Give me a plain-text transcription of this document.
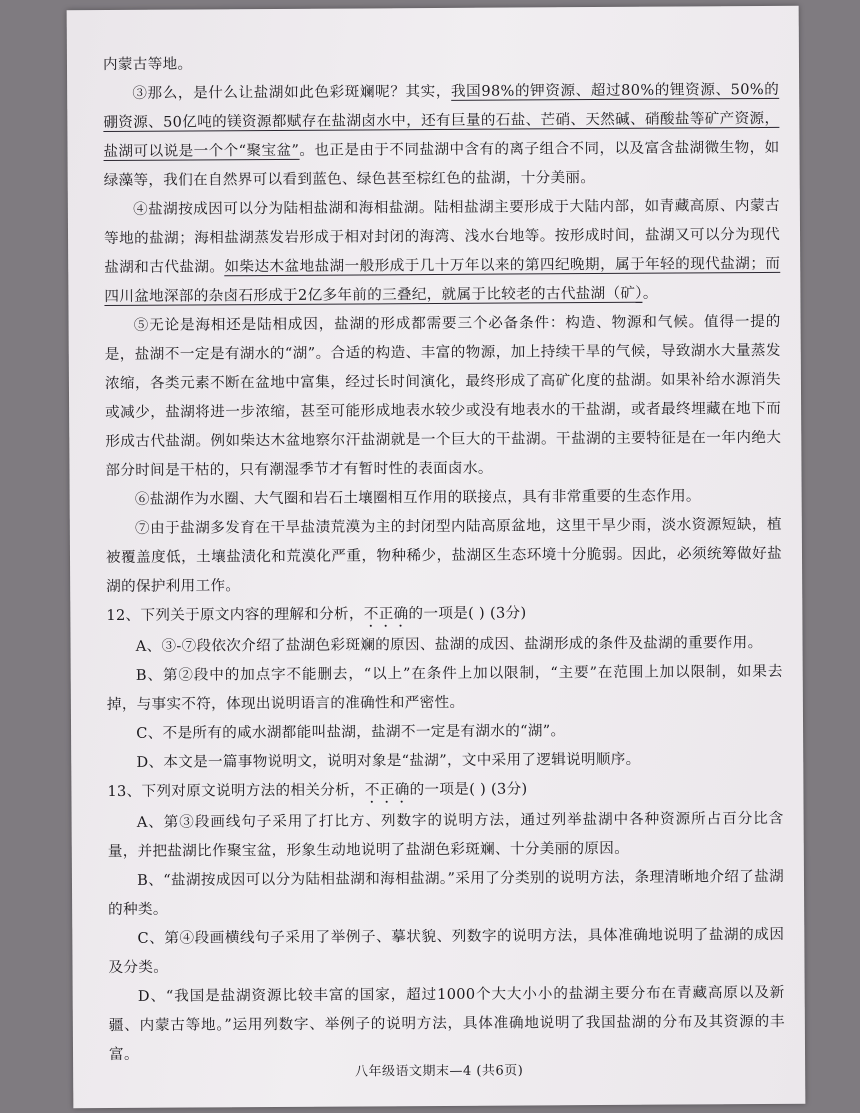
内蒙古等地。

③那么，是什么让盐湖如此色彩斑斓呢？其实，我国98%的钾资源、超过80%的锂资源、50%的硼资源、50亿吨的镁资源都赋存在盐湖卤水中，还有巨量的石盐、芒硝、天然碱、硝酸盐等矿产资源，盐湖可以说是一个个“聚宝盆”。也正是由于不同盐湖中含有的离子组合不同，以及富含盐湖微生物，如绿藻等，我们在自然界可以看到蓝色、绿色甚至棕红色的盐湖，十分美丽。

④盐湖按成因可以分为陆相盐湖和海相盐湖。陆相盐湖主要形成于大陆内部，如青藏高原、内蒙古等地的盐湖；海相盐湖蒸发岩形成于相对封闭的海湾、浅水台地等。按形成时间，盐湖又可以分为现代盐湖和古代盐湖。如柴达木盆地盐湖一般形成于几十万年以来的第四纪晚期，属于年轻的现代盐湖；而四川盆地深部的杂卤石形成于2亿多年前的三叠纪，就属于比较老的古代盐湖（矿）。

⑤无论是海相还是陆相成因，盐湖的形成都需要三个必备条件：构造、物源和气候。值得一提的是，盐湖不一定是有湖水的“湖”。合适的构造、丰富的物源，加上持续干旱的气候，导致湖水大量蒸发浓缩，各类元素不断在盆地中富集，经过长时间演化，最终形成了高矿化度的盐湖。如果补给水源消失或减少，盐湖将进一步浓缩，甚至可能形成地表水较少或没有地表水的干盐湖，或者最终埋藏在地下而形成古代盐湖。例如柴达木盆地察尔汗盐湖就是一个巨大的干盐湖。干盐湖的主要特征是在一年内绝大部分时间是干枯的，只有潮湿季节才有暂时性的表面卤水。

⑥盐湖作为水圈、大气圈和岩石土壤圈相互作用的联接点，具有非常重要的生态作用。

⑦由于盐湖多发育在干旱盐渍荒漠为主的封闭型内陆高原盆地，这里干旱少雨，淡水资源短缺，植被覆盖度低，土壤盐渍化和荒漠化严重，物种稀少，盐湖区生态环境十分脆弱。因此，必须统筹做好盐湖的保护利用工作。

12、下列关于原文内容的理解和分析，不正确的一项是( ) (3分)

A、③-⑦段依次介绍了盐湖色彩斑斓的原因、盐湖的成因、盐湖形成的条件及盐湖的重要作用。

B、第②段中的加点字不能删去，“以上”在条件上加以限制，“主要”在范围上加以限制，如果去掉，与事实不符，体现出说明语言的准确性和严密性。

C、不是所有的咸水湖都能叫盐湖，盐湖不一定是有湖水的“湖”。

D、本文是一篇事物说明文，说明对象是“盐湖”，文中采用了逻辑说明顺序。

13、下列对原文说明方法的相关分析，不正确的一项是( ) (3分)

A、第③段画线句子采用了打比方、列数字的说明方法，通过列举盐湖中各种资源所占百分比含量，并把盐湖比作聚宝盆，形象生动地说明了盐湖色彩斑斓、十分美丽的原因。

B、“盐湖按成因可以分为陆相盐湖和海相盐湖。”采用了分类别的说明方法，条理清晰地介绍了盐湖的种类。

C、第④段画横线句子采用了举例子、摹状貌、列数字的说明方法，具体准确地说明了盐湖的成因及分类。

D、“我国是盐湖资源比较丰富的国家，超过1000个大大小小的盐湖主要分布在青藏高原以及新疆、内蒙古等地。”运用列数字、举例子的说明方法，具体准确地说明了我国盐湖的分布及其资源的丰富。

八年级语文期末—4 (共6页)
